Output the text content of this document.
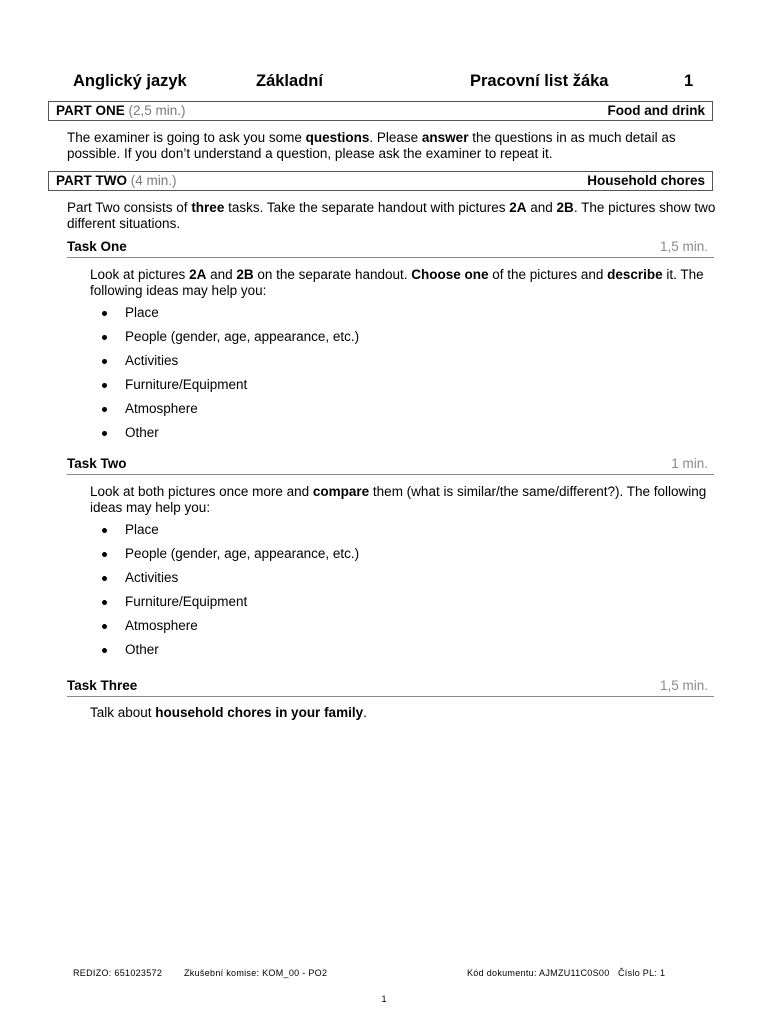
Anglický jazyk	Základní	Pracovní list žáka	1
PART ONE (2,5 min.)	Food and drink
The examiner is going to ask you some questions. Please answer the questions in as much detail as possible. If you don’t understand a question, please ask the examiner to repeat it.
PART TWO (4 min.)	Household chores
Part Two consists of three tasks. Take the separate handout with pictures 2A and 2B. The pictures show two different situations.
Task One	1,5 min.
Look at pictures 2A and 2B on the separate handout. Choose one of the pictures and describe it. The following ideas may help you:
Place
People (gender, age, appearance, etc.)
Activities
Furniture/Equipment
Atmosphere
Other
Task Two	1 min.
Look at both pictures once more and compare them (what is similar/the same/different?). The following ideas may help you:
Place
People (gender, age, appearance, etc.)
Activities
Furniture/Equipment
Atmosphere
Other
Task Three	1,5 min.
Talk about household chores in your family.
REDIZO: 651023572 Zkušební komise: KOM_00 - PO2	Kód dokumentu: AJMZU11C0S00 Číslo PL: 1
1
